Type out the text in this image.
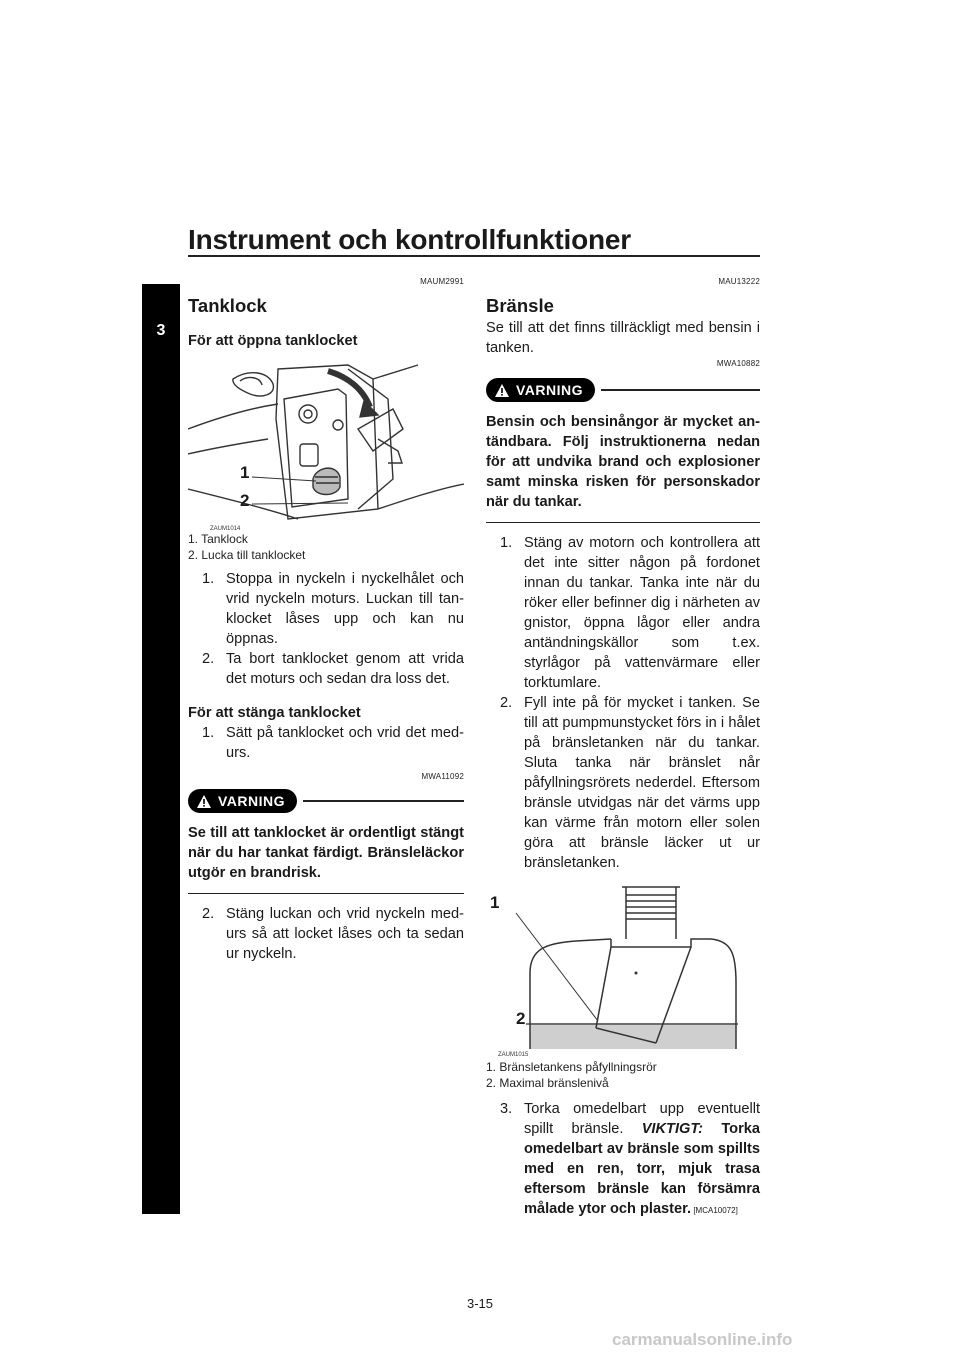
Instrument och kontrollfunktioner
3
MAUM2991
Tanklock
För att öppna tanklocket
1
2
ZAUM1014
1. Tanklock
2. Lucka till tanklocket
1. Stoppa in nyckeln i nyckelhålet och vrid nyckeln moturs. Luckan till tanklocket låses upp och kan nu öppnas.
2. Ta bort tanklocket genom att vrida det moturs och sedan dra loss det.
För att stänga tanklocket
1. Sätt på tanklocket och vrid det medurs.
MWA11092
VARNING
Se till att tanklocket är ordentligt stängt när du har tankat färdigt. Bränsleläckor utgör en brandrisk.
2. Stäng luckan och vrid nyckeln medurs så att locket låses och ta sedan ur nyckeln.
MAU13222
Bränsle
Se till att det finns tillräckligt med bensin i tanken.
MWA10882
VARNING
Bensin och bensinångor är mycket antändbara. Följ instruktionerna nedan för att undvika brand och explosioner samt minska risken för personskador när du tankar.
1. Stäng av motorn och kontrollera att det inte sitter någon på fordonet innan du tankar. Tanka inte när du röker eller befinner dig i närheten av gnistor, öppna lågor eller andra antändningskällor som t.ex. styrlågor på vattenvärmare eller torktumlare.
2. Fyll inte på för mycket i tanken. Se till att pumpmunstycket förs in i hålet på bränsletanken när du tankar. Sluta tanka när bränslet når påfyllningsrörets nederdel. Eftersom bränsle utvidgas när det värms upp kan värme från motorn eller solen göra att bränsle läcker ut ur bränsletanken.
1
2
ZAUM1015
1. Bränsletankens påfyllningsrör
2. Maximal bränslenivå
3. Torka omedelbart upp eventuellt spillt bränsle. VIKTIGT: Torka omedelbart av bränsle som spillts med en ren, torr, mjuk trasa eftersom bränsle kan försämra målade ytor och plaster. [MCA10072]
3-15
carmanualsonline.info
